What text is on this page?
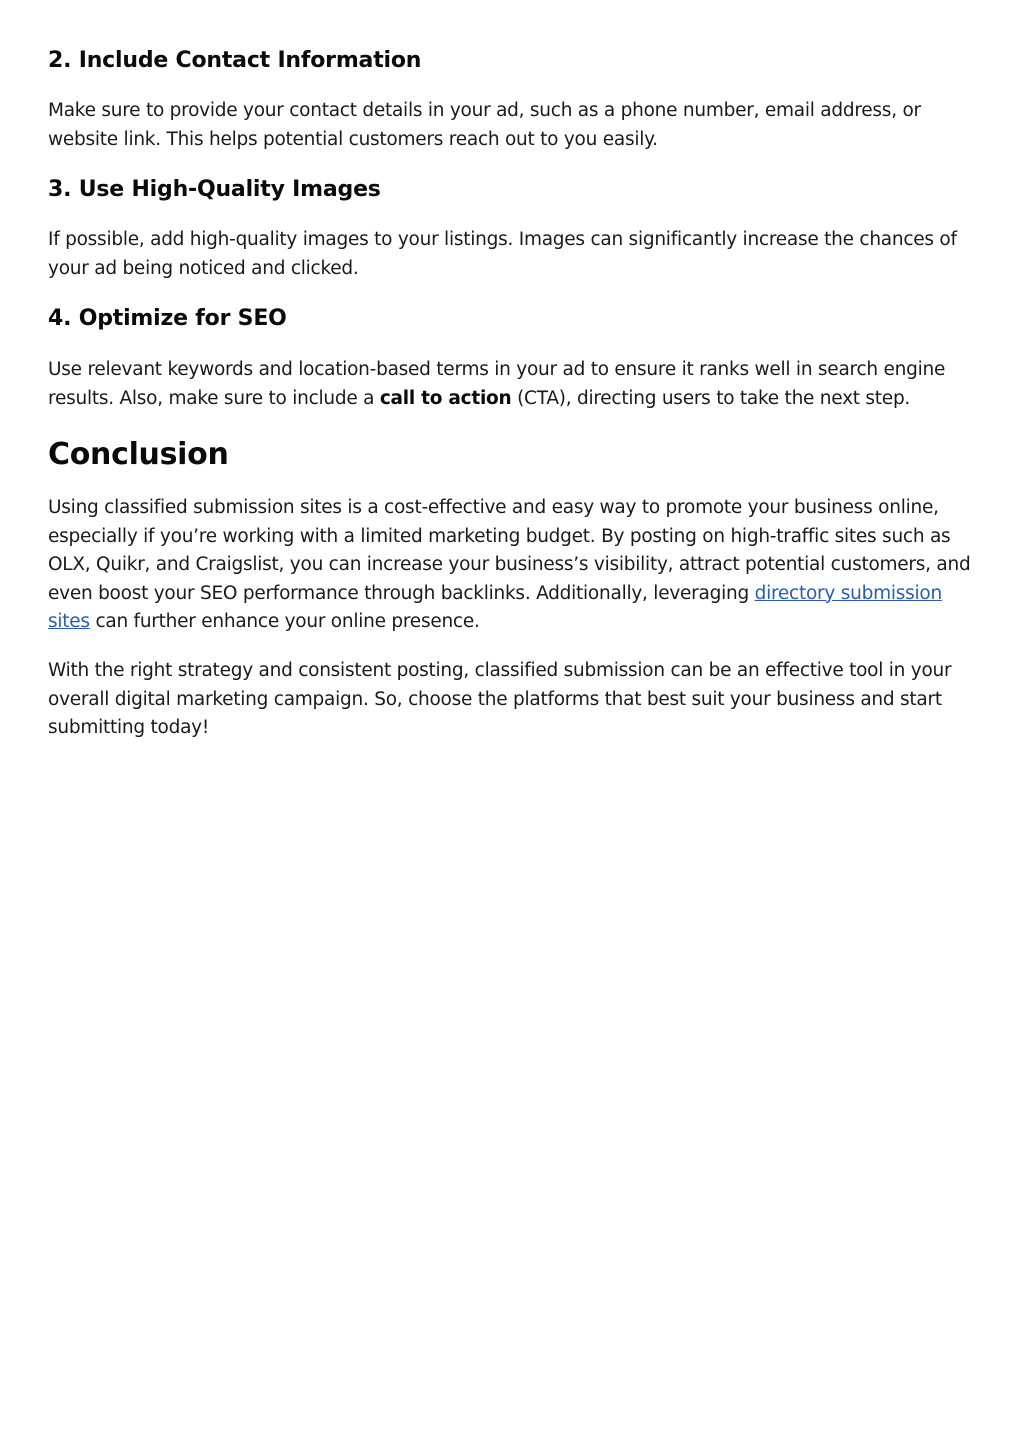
2. Include Contact Information

Make sure to provide your contact details in your ad, such as a phone number, email address, or website link. This helps potential customers reach out to you easily.

3. Use High-Quality Images

If possible, add high-quality images to your listings. Images can significantly increase the chances of your ad being noticed and clicked.

4. Optimize for SEO

Use relevant keywords and location-based terms in your ad to ensure it ranks well in search engine results. Also, make sure to include a call to action (CTA), directing users to take the next step.

Conclusion

Using classified submission sites is a cost-effective and easy way to promote your business online, especially if you’re working with a limited marketing budget. By posting on high-traffic sites such as OLX, Quikr, and Craigslist, you can increase your business’s visibility, attract potential customers, and even boost your SEO performance through backlinks. Additionally, leveraging directory submission sites can further enhance your online presence.

With the right strategy and consistent posting, classified submission can be an effective tool in your overall digital marketing campaign. So, choose the platforms that best suit your business and start submitting today!
